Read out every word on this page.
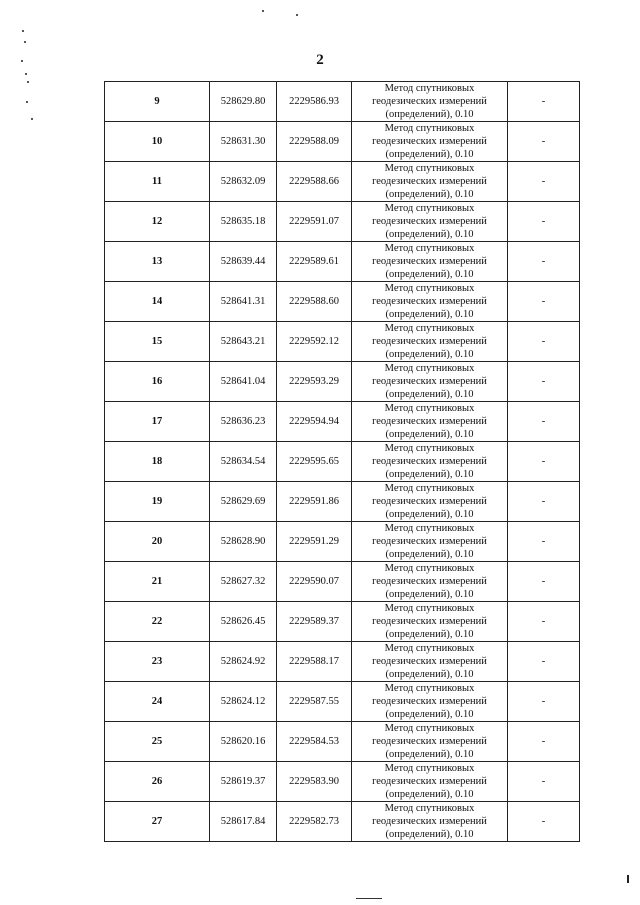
2
9	528629.80	2229586.93	Метод спутниковых
геодезических измерений
(определений), 0.10	-
10	528631.30	2229588.09	Метод спутниковых
геодезических измерений
(определений), 0.10	-
11	528632.09	2229588.66	Метод спутниковых
геодезических измерений
(определений), 0.10	-
12	528635.18	2229591.07	Метод спутниковых
геодезических измерений
(определений), 0.10	-
13	528639.44	2229589.61	Метод спутниковых
геодезических измерений
(определений), 0.10	-
14	528641.31	2229588.60	Метод спутниковых
геодезических измерений
(определений), 0.10	-
15	528643.21	2229592.12	Метод спутниковых
геодезических измерений
(определений), 0.10	-
16	528641.04	2229593.29	Метод спутниковых
геодезических измерений
(определений), 0.10	-
17	528636.23	2229594.94	Метод спутниковых
геодезических измерений
(определений), 0.10	-
18	528634.54	2229595.65	Метод спутниковых
геодезических измерений
(определений), 0.10	-
19	528629.69	2229591.86	Метод спутниковых
геодезических измерений
(определений), 0.10	-
20	528628.90	2229591.29	Метод спутниковых
геодезических измерений
(определений), 0.10	-
21	528627.32	2229590.07	Метод спутниковых
геодезических измерений
(определений), 0.10	-
22	528626.45	2229589.37	Метод спутниковых
геодезических измерений
(определений), 0.10	-
23	528624.92	2229588.17	Метод спутниковых
геодезических измерений
(определений), 0.10	-
24	528624.12	2229587.55	Метод спутниковых
геодезических измерений
(определений), 0.10	-
25	528620.16	2229584.53	Метод спутниковых
геодезических измерений
(определений), 0.10	-
26	528619.37	2229583.90	Метод спутниковых
геодезических измерений
(определений), 0.10	-
27	528617.84	2229582.73	Метод спутниковых
геодезических измерений
(определений), 0.10	-
